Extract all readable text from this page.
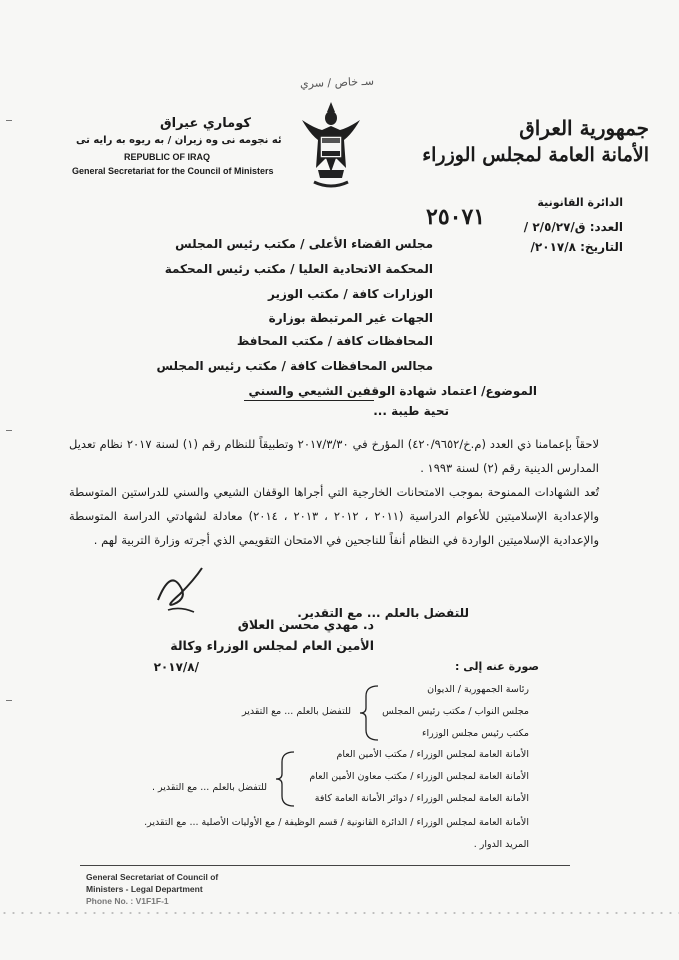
سـ خاص / سري
جمهورية العراق
الأمانة العامة لمجلس الوزراء
كوماري عيراق
ئه نجومه نى وه زيران / به ريوه به رايه تى
REPUBLIC OF IRAQ
General Secretariat for the Council of Ministers
الدائرة القانونية
العدد: ق/٢/٥/٢٧ /
التاريخ: ٢٠١٧/٨/
٢٥٠٧١
مجلس القضاء الأعلى / مكتب رئيس المجلس
المحكمة الاتحادية العليا / مكتب رئيس المحكمة
الوزارات كافة / مكتب الوزير
الجهات غير المرتبطة بوزارة
المحافظات كافة / مكتب المحافظ
مجالس المحافظات كافة / مكتب رئيس المجلس
الموضوع/ اعتماد شهادة الوقفين الشيعي والسني
تحية طيبة ...
لاحقاً بإعمامنا ذي العدد (م.خ/٤٢٠/٩٦٥٢) المؤرخ في ٢٠١٧/٣/٣٠ وتطبيقاً للنظام رقم (١) لسنة ٢٠١٧ نظام تعديل المدارس الدينية رقم (٢) لسنة ١٩٩٣ .
تُعد الشهادات الممنوحة بموجب الامتحانات الخارجية التي أجراها الوقفان الشيعي والسني للدراستين المتوسطة والإعدادية الإسلاميتين للأعوام الدراسية (٢٠١١ ، ٢٠١٢ ، ٢٠١٣ ، ٢٠١٤) معادلة لشهادتي الدراسة المتوسطة والإعدادية الإسلاميتين الواردة في النظام أنفاً للناجحين في الامتحان التقويمي الذي أجرته وزارة التربية لهم .
للتفضل بالعلم ... مع التقدير.
د. مهدي محسن العلاق
الأمين العام لمجلس الوزراء وكالة
٢٠١٧/٨/	صورة عنه إلى :
رئاسة الجمهورية / الديوان
مجلس النواب / مكتب رئيس المجلس
مكتب رئيس مجلس الوزراء
للتفضل بالعلم ... مع التقدير
الأمانة العامة لمجلس الوزراء / مكتب الأمين العام
الأمانة العامة لمجلس الوزراء / مكتب معاون الأمين العام
الأمانة العامة لمجلس الوزراء / دوائر الأمانة العامة كافة
للتفضل بالعلم ... مع التقدير .
الأمانة العامة لمجلس الوزراء / الدائرة القانونية / قسم الوظيفة / مع الأوليات الأصلية ... مع التقدير.
المريد الدوار .
General Secretariat of Council of
Ministers - Legal Department
Phone No. : V1F1F-1
